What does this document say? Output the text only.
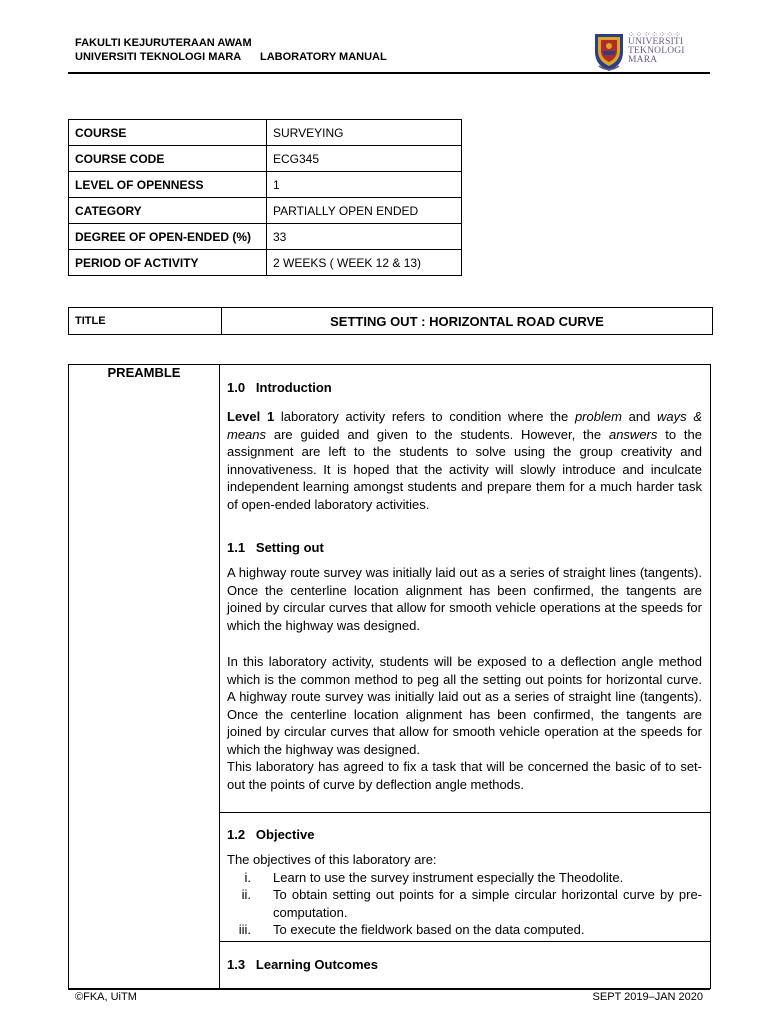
FAKULTI KEJURUTERAAN AWAM
UNIVERSITI TEKNOLOGI MARA LABORATORY MANUAL
⁘⁘⁘⁘⁘⁘⁘
UNIVERSITI
TEKNOLOGI
MARA
COURSE	SURVEYING
COURSE CODE	ECG345
LEVEL OF OPENNESS	1
CATEGORY	PARTIALLY OPEN ENDED
DEGREE OF OPEN-ENDED (%)	33
PERIOD OF ACTIVITY	2 WEEKS ( WEEK 12 & 13)
TITLE	SETTING OUT : HORIZONTAL ROAD CURVE
PREAMBLE
1.0   Introduction

Level 1 laboratory activity refers to condition where the problem and ways & means are guided and given to the students. However, the answers to the assignment are left to the students to solve using the group creativity and innovativeness. It is hoped that the activity will slowly introduce and inculcate independent learning amongst students and prepare them for a much harder task of open-ended laboratory activities.

1.1   Setting out

A highway route survey was initially laid out as a series of straight lines (tangents). Once the centerline location alignment has been confirmed, the tangents are joined by circular curves that allow for smooth vehicle operations at the speeds for which the highway was designed.

In this laboratory activity, students will be exposed to a deflection angle method which is the common method to peg all the setting out points for horizontal curve. A highway route survey was initially laid out as a series of straight line (tangents). Once the centerline location alignment has been confirmed, the tangents are joined by circular curves that allow for smooth vehicle operation at the speeds for which the highway was designed.

This laboratory has agreed to fix a task that will be concerned the basic of to set-out the points of curve by deflection angle methods.

1.2   Objective

The objectives of this laboratory are:

i. Learn to use the survey instrument especially the Theodolite.
ii. To obtain setting out points for a simple circular horizontal curve by pre-computation.
iii. To execute the fieldwork based on the data computed.
1.3   Learning Outcomes
©FKA, UiTM	SEPT 2019–JAN 2020
